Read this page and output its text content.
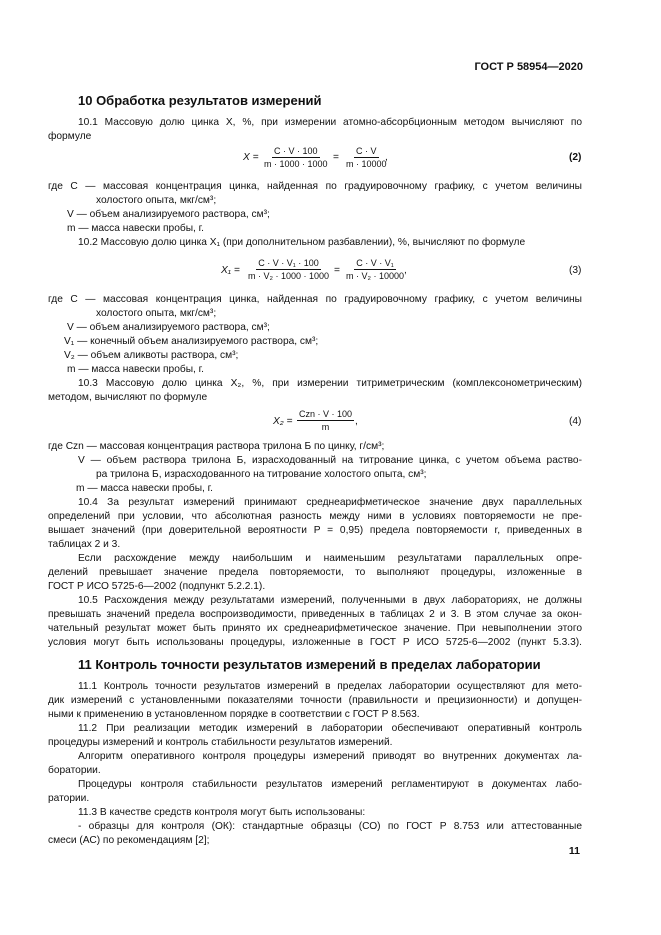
ГОСТ Р 58954—2020
10 Обработка результатов измерений
10.1 Массовую долю цинка X, %, при измерении атомно-абсорбционным методом вычисляют по
формуле
$X = \frac{C \cdot V \cdot 100}{m \cdot 1000 \cdot 1000} = \frac{C \cdot V}{m \cdot 10000}$
,	(2)
где C — массовая концентрация цинка, найденная по градуировочному графику, с учетом величины
холостого опыта, мкг/см³;
V — объем анализируемого раствора, см³;
m — масса навески пробы, г.
10.2 Массовую долю цинка X₁ (при дополнительном разбавлении), %, вычисляют по формуле
$X_1 = \frac{\text{C · V · V₁ · 100}}{\text{m · V₂ · 1000 · 1000}} = \frac{\text{C · V · V₁}}{\text{m · V₂ · 10000}}$
,	(3)
где C — массовая концентрация цинка, найденная по градуировочному графику, с учетом величины
холостого опыта, мкг/см³;
V — объем анализируемого раствора, см³;
V₁ — конечный объем анализируемого раствора, см³;
V₂ — объем аликвоты раствора, см³;
m — масса навески пробы, г.
10.3 Массовую долю цинка X₂, %, при измерении титриметрическим (комплексонометрическим)
методом, вычисляют по формуле
X₂ =
Czn · V · 100
m	,	(4)
где Czn — массовая концентрация раствора трилона Б по цинку, г/см³;
V — объем раствора трилона Б, израсходованный на титрование цинка, с учетом объема раство-
ра трилона Б, израсходованного на титрование холостого опыта, см³;
m — масса навески пробы, г.
10.4 За результат измерений принимают среднеарифметическое значение двух параллельных
определений при условии, что абсолютная разность между ними в условиях повторяемости не пре-
вышает значений (при доверительной вероятности P = 0,95) предела повторяемости r, приведенных в
таблицах 2 и 3.
Если расхождение между наибольшим и наименьшим результатами параллельных опре-
делений превышает значение предела повторяемости, то выполняют процедуры, изложенные в
ГОСТ Р ИСО 5725-6—2002 (подпункт 5.2.2.1).
10.5 Расхождения между результатами измерений, полученными в двух лабораториях, не должны
превышать значений предела воспроизводимости, приведенных в таблицах 2 и 3. В этом случае за окон-
чательный результат может быть принято их среднеарифметическое значение. При невыполнении этого
условия могут быть использованы процедуры, изложенные в ГОСТ Р ИСО 5725-6—2002 (пункт 5.3.3).
11 Контроль точности результатов измерений в пределах лаборатории
11.1 Контроль точности результатов измерений в пределах лаборатории осуществляют для мето-
дик измерений с установленными показателями точности (правильности и прецизионности) и допущен-
ными к применению в установленном порядке в соответствии с ГОСТ Р 8.563.
11.2 При реализации методик измерений в лаборатории обеспечивают оперативный контроль
процедуры измерений и контроль стабильности результатов измерений.
Алгоритм оперативного контроля процедуры измерений приводят во внутренних документах ла-
боратории.
Процедуры контроля стабильности результатов измерений регламентируют в документах лабо-
ратории.
11.3 В качестве средств контроля могут быть использованы:
- образцы для контроля (ОК): стандартные образцы (СО) по ГОСТ Р 8.753 или аттестованные
смеси (АС) по рекомендациям [2];
11
